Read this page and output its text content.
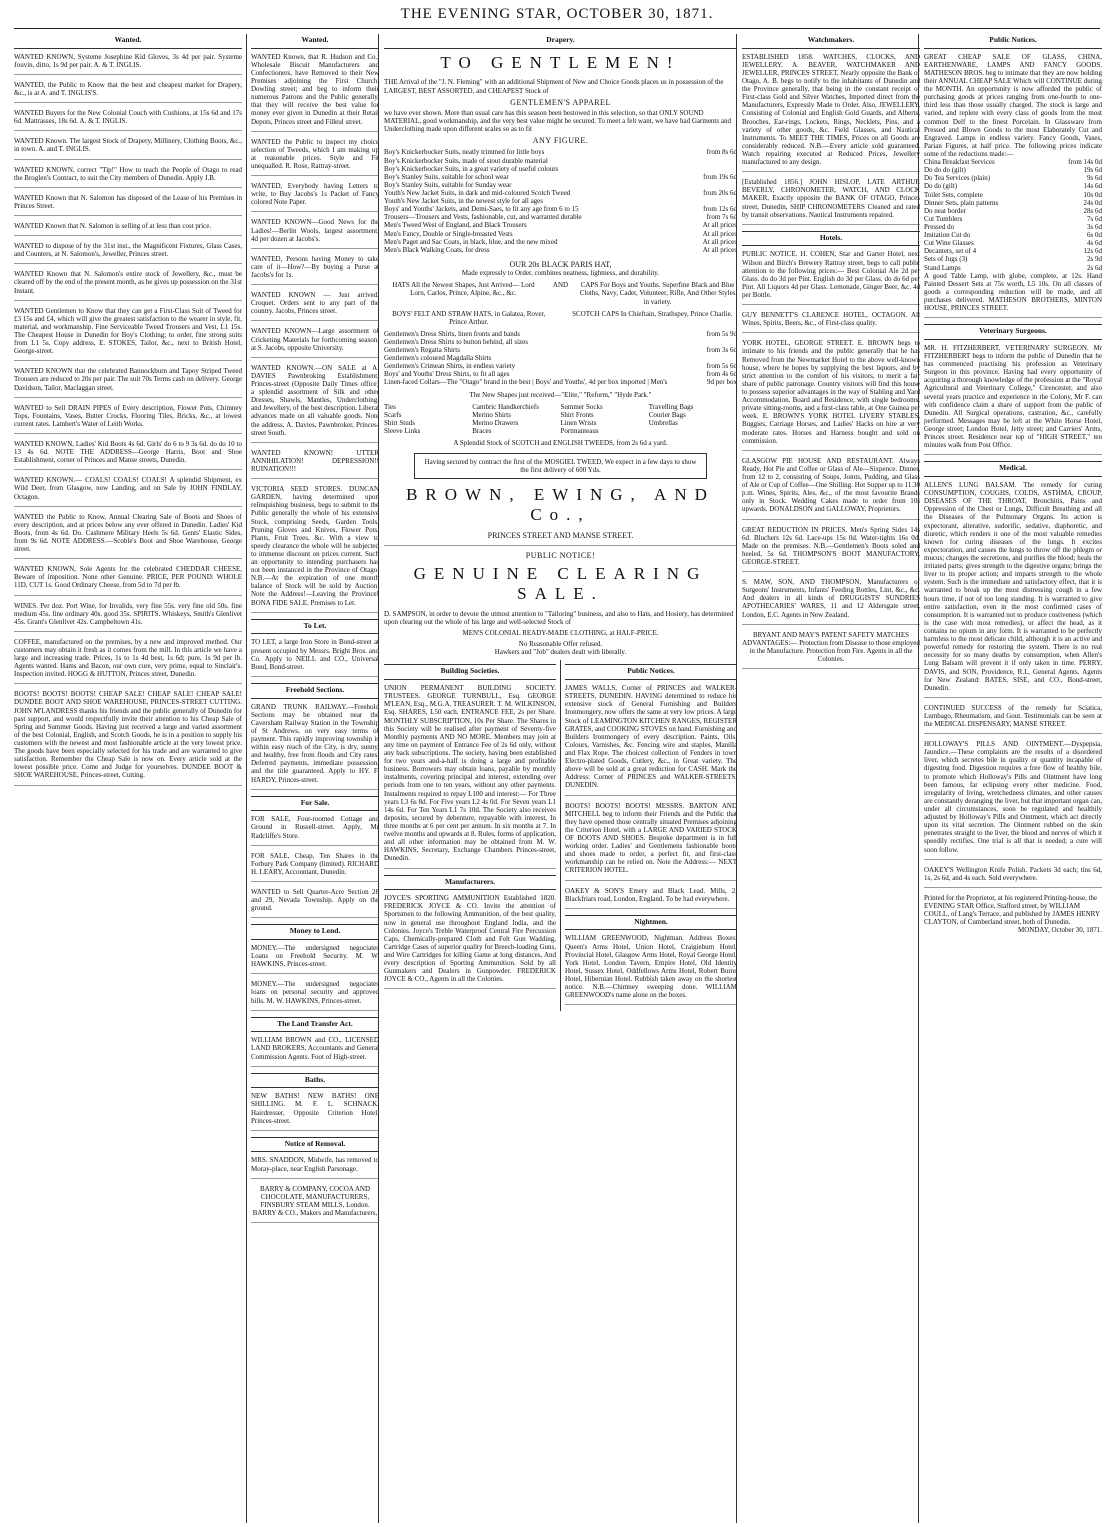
THE EVENING STAR, OCTOBER 30, 1871.
Wanted.

WANTED KNOWN, Systeme Josephine Kid Gloves, 3s 4d per pair. Systeme Jouvin, ditto, 1s 9d per pair. A. & T. INGLIS.

WANTED, the Public to Know that the best and cheapest market for Drapery, &c., is at A. and T. INGLIS'S.

WANTED Buyers for the New Colonial Couch with Cushions, at 15s 6d and 17s 6d. Mattrasses, 18s 6d. A. & T. INGLIS.

WANTED Known. The largest Stock of Drapery, Millinery, Clothing Boots, &c., in town. A. and T. INGLIS.

WANTED KNOWN, correct "Tip!" How to teach the People of Otago to read the Broglen's Contract, to suit the City members of Dunedin. Apply J.B.

WANTED Known that N. Salomon has disposed of the Lease of his Premises in Princes Street.

WANTED Known that N. Salomon is selling of at less than cost price.

WANTED to dispose of by the 31st inst., the Magnificent Fixtures, Glass Cases, and Counters, at N. Salomon's, Jeweller, Princes street.

WANTED Known that N. Salomon's entire stock of Jewellery, &c., must be cleared off by the end of the present month, as he gives up possession on the 31st Instant.

WANTED Gentlemen to Know that they can get a First-Class Suit of Tweed for £3 15s and £4, which will give the greatest satisfaction to the wearer in style, fit, material, and workmanship. Fine Serviceable Tweed Trousers and Vest, L1 15s. The Cheapest House in Dunedin for Boy's Clothing; to order, fine strong suits from L1 5s. Copy address, E. STOKES, Tailor, &c., next to British Hotel, George-street.

WANTED KNOWN that the celebrated Bannockburn and Tapoy Striped Tweed Trousers are reduced to 20s per pair. The suit 70s Terms cash on delivery. George Davidson, Tailor, Maclaggan street.

WANTED to Sell DRAIN PIPES of Every description, Flower Pots, Chimney Tops, Fountains, Vases, Butter Crocks, Flooring Tiles, Bricks, &c., at lowest current rates. Lambert's Water of Leith Works.

WANTED KNOWN, Ladies' Kid Boots 4s 6d. Girls' do 6 to 9 3s 6d. do do 10 to 13 4s 6d. NOTE THE ADDRESS—George Harris, Boot and Shoe Establishment, corner of Princes and Manse streets, Dunedin.

WANTED KNOWN.— COALS! COALS! COALS! A splendid Shipment, ex Wild Deer, from Glasgow, now Landing, and on Sale by JOHN FINDLAY, Octagon.

WANTED the Public to Know, Annual Clearing Sale of Boots and Shoes of every description, and at prices below any ever offered in Dunedin. Ladies' Kid Boots, from 4s 6d. Do. Cashmere Military Heels 5s 6d. Gents' Elastic Sides, from 9s 6d. NOTE ADDRESS.—Scoble's Boot and Shoe Warehouse, George street.

WANTED KNOWN, Sole Agents for the celebrated CHEDDAR CHEESE, Beware of imposition. None other Genuine. PRICE, PER POUND: WHOLE 11D, CUT 1s. Good Ordinary Cheese, from 5d to 7d per lb.

WINES. Per doz. Port Wine, for Invalids, very fine 55s. very fine old 50s. fine medium 45s. fine ordinary 40s. good 35s. SPIRITS. Whiskeys, Smith's Glenlivet 45s. Grant's Glenlivet 42s. Campbeltown 41s.

COFFEE, manufactured on the premises, by a new and improved method. Our customers may obtain it fresh as it comes from the mill. In this article we have a large and increasing trade. Prices, 1s to 1s 4d best, 1s 6d; pure, 1s 9d per lb. Agents wanted. Hams and Bacon, our own cure, very prime, equal to Sinclair's. Inspection invited. HOGG & HUTTON, Princes street, Dunedin.

BOOTS! BOOTS! BOOTS! CHEAP SALE! CHEAP SALE! CHEAP SALE! DUNDEE BOOT AND SHOE WAREHOUSE, PRINCES-STREET CUTTING. JOHN M'LANDRESS thanks his friends and the public generally of Dunedin for past support, and would respectfully invite their attention to his Cheap Sale of Spring and Summer Goods. Having just received a large and varied assortment of the best Colonial, English, and Scotch Goods, he is in a position to supply his customers with the newest and most fashionable article at the very lowest price. The goods have been especially selected for his trade and are warranted to give satisfaction. Remember the Cheap Sale is now on. Every article sold at the lowest possible price. Come and Judge for yourselves. DUNDEE BOOT & SHOE WAREHOUSE, Princes-street, Cutting.

Wanted.

WANTED Known, that R. Hudson and Co., Wholesale Biscuit Manufacturers and Confectioners, have Removed to their New Premises adjoining the First Church, Dowling street; and beg to inform their numerous Patrons and the Public generally, that they will receive the best value for money ever given in Dunedin at their Retail Depots, Princes street and Filleul street.

WANTED the Public to inspect my choice selection of Tweeds, which I am making up at reasonable prices. Style and Fit unequalled. R. Rose, Rattray-street.

WANTED, Everybody having Letters to write, to Buy Jacobs's 1s Packet of Fancy colored Note Paper.

WANTED KNOWN—Good News for the Ladies!—Berlin Wools, largest assortment, 4d per dozen at Jacobs's.

WANTED, Persons having Money to take care of it—How?—By buying a Purse at Jacobs's for 1s.

WANTED KNOWN — Just arrived, Croquet. Orders sent to any part of the country. Jacobs, Princes street.

WANTED KNOWN—Large assortment of Cricketing Materials for forthcoming season, at S. Jacobs, opposite University.

WANTED KNOWN.—ON SALE at A. DAVIES Pawnbroking Establishment, Princes-street (Opposite Daily Times office) a splendid assortment of Silk and other Dresses, Shawls, Mantles, Underclothing, and Jewellery, of the best description. Liberal advances made on all valuable goods. Note the address, A. Davies, Pawnbroker, Princes-street South.

WANTED KNOWN! UTTER ANNIHILATION! DEPRESSION!! RUINATION!!!

VICTORIA SEED STORES. DUNCAN GARDEN, having determined upon relinquishing business, begs to submit to the Public generally the whole of his extensive Stock, comprising Seeds, Garden Tools, Pruning Gloves and Knives, Flower Pots, Plants, Fruit Trees, &c. With a view to speedy clearance the whole will be subjected to immense discount on prices current. Such an opportunity to intending purchasers has not been instanced in the Province of Otago. N.B.—At the expiration of one month balance of Stock will be sold by Auction. Note the Address!—Leaving the Province! BONA FIDE SALE. Premises to Let.

To Let.

TO LET, a large Iron Store in Bond-street at present occupied by Messrs. Bright Bros. and Co. Apply to NEILL and CO., Universal Bond, Bond-street.

Freehold Sections.

GRAND TRUNK RAILWAY.—Freehold Sections may be obtained near the Caversham Railway Station in the Township of St Andrews, on very easy terms of payment. This rapidly improving township is within easy reach of the City, is dry, sunny, and healthy, free from floods and City rates. Deferred payments, immediate possession, and the title guaranteed. Apply to HY. F. HARDY, Princes-street.

For Sale.

FOR SALE, Four-roomed Cottage and Ground in Russell-street. Apply, Mr Radcliffe's Store.

FOR SALE, Cheap, Ten Shares in the Forbury Park Company (limited). RICHARD H. LEARY, Accountant, Dunedin.

WANTED to Sell Quarter-Acre Section 28 and 29, Nevada Township. Apply on the ground.

Money to Lend.

MONEY.—The undersigned negociates Loans on Freehold Security. M. W. HAWKINS, Princes-street.

MONEY.—The undersigned negociates loans on personal security and approved bills. M. W. HAWKINS, Princes-street.

The Land Transfer Act.

WILLIAM BROWN and CO., LICENSED LAND BROKERS, Accountants and General Commission Agents. Foot of High-street.

Baths.

NEW BATHS! NEW BATHS! ONE SHILLING. M. F. L. SCHNACK, Hairdresser, Opposite Criterion Hotel, Princes-street.

Notice of Removal.

MRS. SNADDON, Midwife, has removed to Moray-place, near English Parsonage.

BARRY & COMPANY, COCOA AND CHOCOLATE, MANUFACTURERS, FINSBURY STEAM MILLS, London. BARRY & CO., Makers and Manufacturers,

Drapery.
TO GENTLEMEN!

THE Arrival of the "J. N. Fleming" with an additional Shipment of New and Choice Goods places us in possession of the LARGEST, BEST ASSORTED, and CHEAPEST Stock of

GENTLEMEN'S APPAREL

we have ever shown. More than usual care has this season been bestowed in this selection, so that ONLY SOUND MATERIAL, good workmanship, and the very best value might be secured. To meet a felt want, we have had Garments and Underclothing made upon different scales so as to fit

ANY FIGURE.
Boy's Knickerbocker Suits, neatly trimmed for little boys	from 8s 6d
Boy's Knickerbocker Suits, made of stout durable material
Boy's Knickerbocker Suits, in a great variety of useful colours
Boy's Stanley Suits, suitable for school wear	from 19s 6d
Boy's Stanley Suits, suitable for Sunday wear
Youth's New Jacket Suits, in dark and mid-coloured Scotch Tweed	from 20s 6d
Youth's New Jacket Suits, in the newest style for all ages
Boys' and Youths' Jackets, and Demi-Saes, to fit any age from 6 to 15	from 12s 6d
Trousers—Trousers and Vests, fashionable, cut, and warranted durable	from 7s 6d
Men's Tweed West of England, and Black Trousers	At all prices
Men's Fancy, Double or Single-breasted Vests	At all prices
Men's Paget and Sac Coats, in black, blue, and the new mixed	At all prices
Men's Black Walking Coats, for dress	At all prices
OUR 20s BLACK PARIS HAT,
Made expressly to Order, combines neatness, lightness, and durability.
HATS All the Newest Shapes, Just Arrived— Lord Lorn, Carlos, Prince, Alpine, &c., &c.
AND	CAPS For Boys and Youths. Superfine Black and Blue Cloths, Navy, Cadet, Volunteer, Rifle, And Other Styles in variety.
BOYS' FELT AND STRAW HATS, in Galatea, Rover, Prince Arthur.
SCOTCH CAPS In Chieftain, Strathspey, Prince Charlie.
Gentlemen's Dress Shirts, linen fronts and bands	from 5s 9d
Gentlemen's Dress Shirts to button behind, all sizes
Gentlemen's Regatta Shirts	from 3s 6d
Gentlemen's coloured Magdalla Shirts
Gentlemen's Crimean Shirts, in endless variety	from 5s 6d
Boys' and Youths' Dress Shirts, to fit all ages	from 4s 6d
Linen-faced Collars—The "Otago" brand in the best | Boys' and Youths', 4d per box imported | Men's	9d per box
The New Shapes just received—"Elite," "Reform," "Hyde Park."
Ties
Scarfs
Shirt Studs
Sleeve Links
Cambric Handkerchiefs
Merino Shirts
Merino Drawers
Braces
Summer Socks
Shirt Fronts
Linen Wrists
Portmanteaus
Travelling Bags
Courier Bags
Umbrellas
A Splendid Stock of SCOTCH and ENGLISH TWEEDS, from 2s 6d a yard.
Having secured by contract the first of the MOSGIEL TWEED, We expect in a few days to show the first delivery of 600 Yds.
BROWN, EWING, AND Co.,
PRINCES STREET AND MANSE STREET.
PUBLIC NOTICE!
GENUINE CLEARING SALE.

D. SAMPSON, in order to devote the utmost attention to "Tailoring" business, and also to Hats, and Hosiery, has determined upon clearing out the whole of his large and well-selected Stock of

MEN'S COLONIAL READY-MADE CLOTHING, at HALF-PRICE.
No Reasonable Offer refused.
Hawkers and "Job" dealers dealt with liberally.
Building Societies.

UNION PERMANENT BUILDING SOCIETY. TRUSTEES. GEORGE TURNBULL, Esq. GEORGE M'LEAN, Esq., M.G.A. TREASURER. T. M. WILKINSON, Esq. SHARES, L50 each. ENTRANCE FEE, 2s per Share. MONTHLY SUBSCRIPTION, 10s Per Share. The Shares in this Society will be realised after payment of Seventy-five Monthly payments AND NO MORE. Members may join at any time on payment of Entrance Fee of 2s 6d only, without any back subscriptions. The society, having been established for two years and-a-half is doing a large and profitable business. Borrowers may obtain loans, payable by monthly instalments, covering principal and interest, extending over periods from one to ten years, without any other payments. Instalments required to repay L100 and interest:— For Three years L3 6s 8d. For Five years L2 4s 0d. For Seven years L1 14s 6d. For Ten Years L1 7s 10d. The Society also receives deposits, secured by debenture, repayable with interest, In three months at 6 per cent per annum. In six months at 7. In twelve months and upwards at 8. Rules, forms of application, and all other information may be obtained from M. W. HAWKINS, Secretary, Exchange Chambers Princes-street, Dunedin.

Manufacturers.

JOYCE'S SPORTING AMMUNITION Established 1820. FREDERICK JOYCE & CO. Invite the attention of Sportsmen to the following Ammunition, of the best quality, now in general use throughout England India, and the Colonies. Joyce's Treble Waterproof Central Fire Percussion Caps, Chemically-prepared Cloth and Felt Gun Wadding, Cartridge Cases of superior quality for Breech-loading Guns, and Wire Cartridges for killing Game at long distances, And every description of Sporting Ammunition. Sold by all Gunmakers and Dealers in Gunpowder. FREDERICK JOYCE & CO., Agents in all the Colonies.

Public Notices.

JAMES WALLS, Corner of PRINCES and WALKER-STREETS, DUNEDIN. HAVING determined to reduce his extensive stock of General Furnishing and Builders Ironmongery, now offers the same at very low prices. A large Stock of LEAMINGTON KITCHEN RANGES, REGISTER GRATES, and COOKING STOVES on hand. Furnishing and Builders Ironmongery of every description. Paints, Oils, Colours, Varnishes, &c. Fencing wire and staples, Manilla and Flax Rope. The choicest collection of Fenders in town Electro-plated Goods, Cutlery, &c., in Great variety. The above will be sold at a great reduction for CASH. Mark the Address: Corner of PRINCES and WALKER-STREETS, DUNEDIN.

BOOTS! BOOTS! BOOTS! MESSRS. BARTON AND MITCHELL beg to inform their Friends and the Public that they have opened those centrally situated Premises adjoining the Criterion Hotel, with a LARGE AND VARIED STOCK OF BOOTS AND SHOES. Bespoke department is in full working order. Ladies' and Gentlemens fashionable boots and shoes made to order, a perfect fit, and first-class workmanship can be relied on. Note the Address:— NEXT CRITERION HOTEL.

OAKEY & SON'S Emery and Black Lead. Mills, 2, Blackfriars road, London, England. To be had everywhere.

Nightmen.

WILLIAM GREENWOOD, Nightman. Address Boxes: Queen's Arms Hotel, Union Hotel, Craigieburn Hotel, Provincial Hotel, Glasgow Arms Hotel, Royal George Hotel, York Hotel, London Tavern, Empire Hotel, Old Identity Hotel, Sussex Hotel, Oddfellows Arms Hotel, Robert Burns Hotel, Hibernian Hotel. Rubbish taken away on the shortest notice. N.B.—Chimney sweeping done. WILLIAM GREENWOOD's name alone on the boxes.

Watchmakers.

ESTABLISHED 1858. WATCHES, CLOCKS, AND JEWELLERY. A. BEAVER, WATCHMAKER AND JEWELLER, PRINCES STREET, Nearly opposite the Bank of Otago, A. B. begs to notify to the inhabitants of Dunedin and the Province generally, that being in the constant receipt of First-class Gold and Silver Watches, Imported direct from the Manufacturers, Expressly Made to Order. Also, JEWELLERY, Consisting of Colonial and English Gold Guards, and Alberts, Brooches, Ear-rings, Lockets, Rings, Necklets, Pins, and a variety of other goods, &c. Field Glasses, and Nautical Instruments. To MEET THE TIMES, Prices on all Goods are considerably reduced. N.B.—Every article sold guaranteed. Watch repairing executed at Reduced Prices, Jewellery manufactured to any design.

[Established 1856.] JOHN HISLOP, LATE ARTHUR BEVERLY, CHRONOMETER, WATCH, AND CLOCK MAKER, Exactly opposite the BANK OF OTAGO, Princes street, Dunedin, SHIP CHRONOMETERS Cleaned and rated by transit observations. Nautical Instruments repaired.

Hotels.

PUBLIC NOTICE. H. COHEN, Star and Garter Hotel, next Wilson and Birch's Brewery Rattray street, begs to call public attention to the following prices:— Best Colonial Ale 2d per Glass. do do 3d per Pint. English do 3d per Glass. do do 6d per Pint. All Liquors 4d per Glass. Lemonade, Ginger Beer, &c. 4d per Bottle.

GUY BENNETT'S CLARENCE HOTEL, OCTAGON. All Wines, Spirits, Beers, &c., of First-class quality.

YORK HOTEL, GEORGE STREET. E. BROWN begs to intimate to his friends and the public generally that he has Removed from the Newmarket Hotel to the above well-known house, where he hopes by supplying the best liquors, and by strict attention to the comfort of his visitors, to merit a fair share of public patronage. Country visitors will find this house to possess superior advantages in the way of Stabling and Yard Accommodation. Board and Residence, with single bedrooms, private sitting-rooms, and a first-class table, at One Guinea per week. E. BROWN'S YORK HOTEL LIVERY STABLES, Buggies, Carriage Horses, and Ladies' Hacks on hire at very moderate rates. Horses and Harness bought and sold on commission.

GLASGOW PIE HOUSE AND RESTAURANT. Always Ready, Hot Pie and Coffee or Glass of Ale—Sixpence. Dinner, from 12 to 2, consisting of Soups, Joints, Pudding, and Glass of Ale or Cup of Coffee—One Shilling. Hot Supper up to 11.30 p.m. Wines, Spirits, Ales, &c., of the most favourite Brands only in Stock. Wedding Cakes made to order from 10s upwards. DONALDSON and GALLOWAY, Proprietors.

GREAT REDUCTION IN PRICES. Men's Spring Sides 14s 6d. Bluchers 12s 6d. Lace-ups 15s 0d. Water-tights 16s 0d. Made on the premises. N.B.—Gentlemen's Boots soled and heeled, 5s 6d. THOMPSON'S BOOT MANUFACTORY, GEORGE-STREET.

S. MAW, SON, AND THOMPSON, Manufacturers of Surgeons' Instruments, Infants' Feeding Bottles, Lint, &c., &c. And dealers in all kinds of DRUGGISTS' SUNDRIES APOTHECARIES' WARES, 11 and 12 Aldersgate street, London, E.C. Agents in New Zealand.

BRYANT AND MAY'S PATENT SAFETY MATCHES ADVANTAGES:— Protection from Disease to those employed in the Manufacture. Protection from Fire. Agents in all the Colonies.

Public Notices.

GREAT CHEAP SALE OF GLASS, CHINA, EARTHENWARE, LAMPS AND FANCY GOODS. MATHESON BROS. beg to intimate that they are now holding their ANNUAL CHEAP SALE Which will CONTINUE during the MONTH. An opportunity is now afforded the public of purchasing goods at prices ranging from one-fourth to one-third less than those usually charged. The stock is large and varied, and replete with every class of goods from the most common Delf to the finest Porcelain. In Glassware from Pressed and Blown Goods to the most Elaborately Cut and Engraved. Lamps in endless variety. Fancy Goods, Vases, Parian Figures, at half price. The following prices indicate some of the reductions made:—

China Breakfast Services	from 14s 0d
Do do do (gilt)	19s 6d
Do Tea Services (plain)	9s 6d
Do do (gilt)	14s 6d
Toilet Sets, complete	10s 0d
Dinner Sets, plain patterns	24s 0d
Do neat border	28s 6d
Cut Tumblers	7s 6d
Pressed do	3s 6d
Imitation Cut do	6s 0d
Cut Wine Glasses	4s 6d
Decanters, set of 4	12s 6d
Sets of Jugs (3)	2s 9d
Stand Lamps	2s 6d

A good Table Lamp, with globe, complete, at 12s. Hand Painted Dessert Sets at 75s worth, L5 10s. On all classes of goods a corresponding reduction will be made, and all purchases delivered. MATHESON BROTHERS, MINTON HOUSE, PRINCES STREET.

Veterinary Surgeons.

MR. H. FITZHERBERT, VETERINARY SURGEON. Mr FITZHERBERT begs to inform the public of Dunedin that he has commenced practising his profession as Veterinary Surgeon in this province. Having had every opportunity of acquiring a thorough knowledge of the profession at the "Royal Agricultural and Veterinary College," Cirencester, and also several years practice and experience in the Colony, Mr F. can with confidence claim a share of support from the public of Dunedin. All Surgical operations, castration, &c., carefully performed. Messages may be left at the White Horse Hotel, George street; London Hotel, Jetty street; and Carriers' Arms, Princes street. Residence near top of "HIGH STREET," ten minutes walk from Post Office.

Medical.

ALLEN'S LUNG BALSAM. The remedy for curing CONSUMPTION, COUGHS, COLDS, ASTHMA, CROUP, DISEASES OF THE THROAT, Bronchitis, Pains and Oppression of the Chest or Lungs, Difficult Breathing and all the Diseases of the Pulmonary Organs. Its action is expectorant, alterative, sudorific, sedative, diaphoretic, and diuretic, which renders it one of the most valuable remedies known for curing diseases of the lungs. It excites expectoration, and causes the lungs to throw off the phlegm or mucus; changes the secretions, and purifies the blood; heals the irritated parts; gives strength to the digestive organs; brings the liver to its proper action; and imparts strength to the whole system. Such is the immediate and satisfactory effect, that it is warranted to break up the most distressing cough in a few hours time, if not of too long standing. It is warranted to give entire satisfaction, even in the most confirmed cases of consumption. It is warranted not to produce costiveness (which is the case with most remedies), or affect the head, as it contains no opium in any form. It is warranted to be perfectly harmless to the most delicate child, although it is an active and powerful remedy for restoring the system. There is no real necessity for so many deaths by consumption, when Allen's Lung Balsam will prevent it if only taken in time. PERRY, DAVIS, and SON, Providence, R.I., General Agents. Agents for New Zealand: BATES, SISE, and CO., Bond-street, Dunedin.

CONTINUED SUCCESS of the remedy for Sciatica, Lumbago, Rheumatism, and Gout. Testimonials can be seen at the MEDICAL DISPENSARY, MANSE STREET.

HOLLOWAY'S PILLS AND OINTMENT.—Dyspepsia, Jaundice.—These complaints are the results of a disordered liver, which secretes bile in quality or quantity incapable of digesting food. Digestion requires a free flow of healthy bile, to promote which Holloway's Pills and Ointment have long been famous, far eclipsing every other medicine. Food, irregularity of living, wretchedness climates, and other causes are constantly deranging the liver, but that important organ can, under all circumstances, soon be regulated and healthily adjusted by Holloway's Pills and Ointment, which act directly upon its vital secretion. The Ointment rubbed on the skin penetrates straight to the liver, the blood and nerves of which it speedily rectifies. One trial is all that is needed; a cure will soon follow.

OAKEY'S Wellington Knife Polish. Packets 3d each; tins 6d, 1s, 2s 6d, and 4s each. Sold everywhere.

Printed for the Proprietor, at his registered Printing-house, the EVENING STAR Office, Stafford street, by WILLIAM COULL, of Lang's Terrace, and published by JAMES HENRY CLAYTON, of Cumberland street, both of Dunedin.

MONDAY, October 30, 1871.
